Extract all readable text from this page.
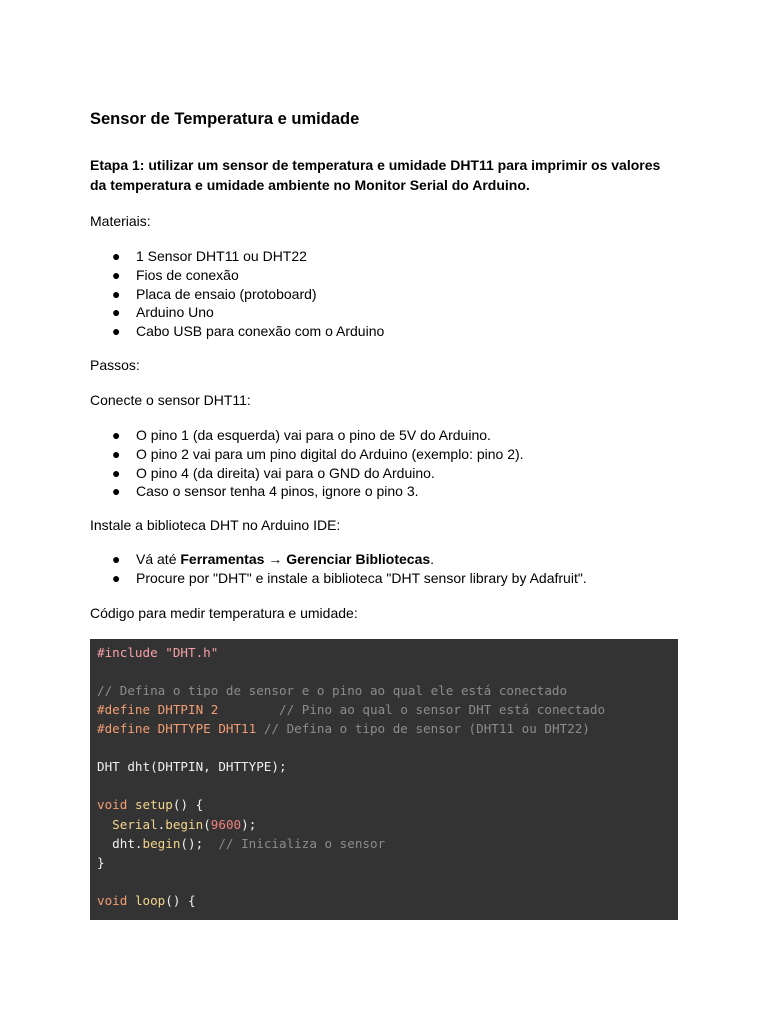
Sensor de Temperatura e umidade

Etapa 1: utilizar um sensor de temperatura e umidade DHT11 para imprimir os valores da temperatura e umidade ambiente no Monitor Serial do Arduino.

Materiais:

● 1 Sensor DHT11 ou DHT22
● Fios de conexão
● Placa de ensaio (protoboard)
● Arduino Uno
● Cabo USB para conexão com o Arduino

Passos:

Conecte o sensor DHT11:

● O pino 1 (da esquerda) vai para o pino de 5V do Arduino.
● O pino 2 vai para um pino digital do Arduino (exemplo: pino 2).
● O pino 4 (da direita) vai para o GND do Arduino.
● Caso o sensor tenha 4 pinos, ignore o pino 3.

Instale a biblioteca DHT no Arduino IDE:

● Vá até Ferramentas → Gerenciar Bibliotecas.
● Procure por "DHT" e instale a biblioteca "DHT sensor library by Adafruit".

Código para medir temperatura e umidade:

#include "DHT.h"
// Defina o tipo de sensor e o pino ao qual ele está conectado
#define DHTPIN 2	// Pino ao qual o sensor DHT está conectado
#define DHTTYPE DHT11 // Defina o tipo de sensor (DHT11 ou DHT22)
DHT dht(DHTPIN, DHTTYPE);
void setup() {
Serial.begin(9600);
dht.begin();  // Inicializa o sensor
}
void loop() {
